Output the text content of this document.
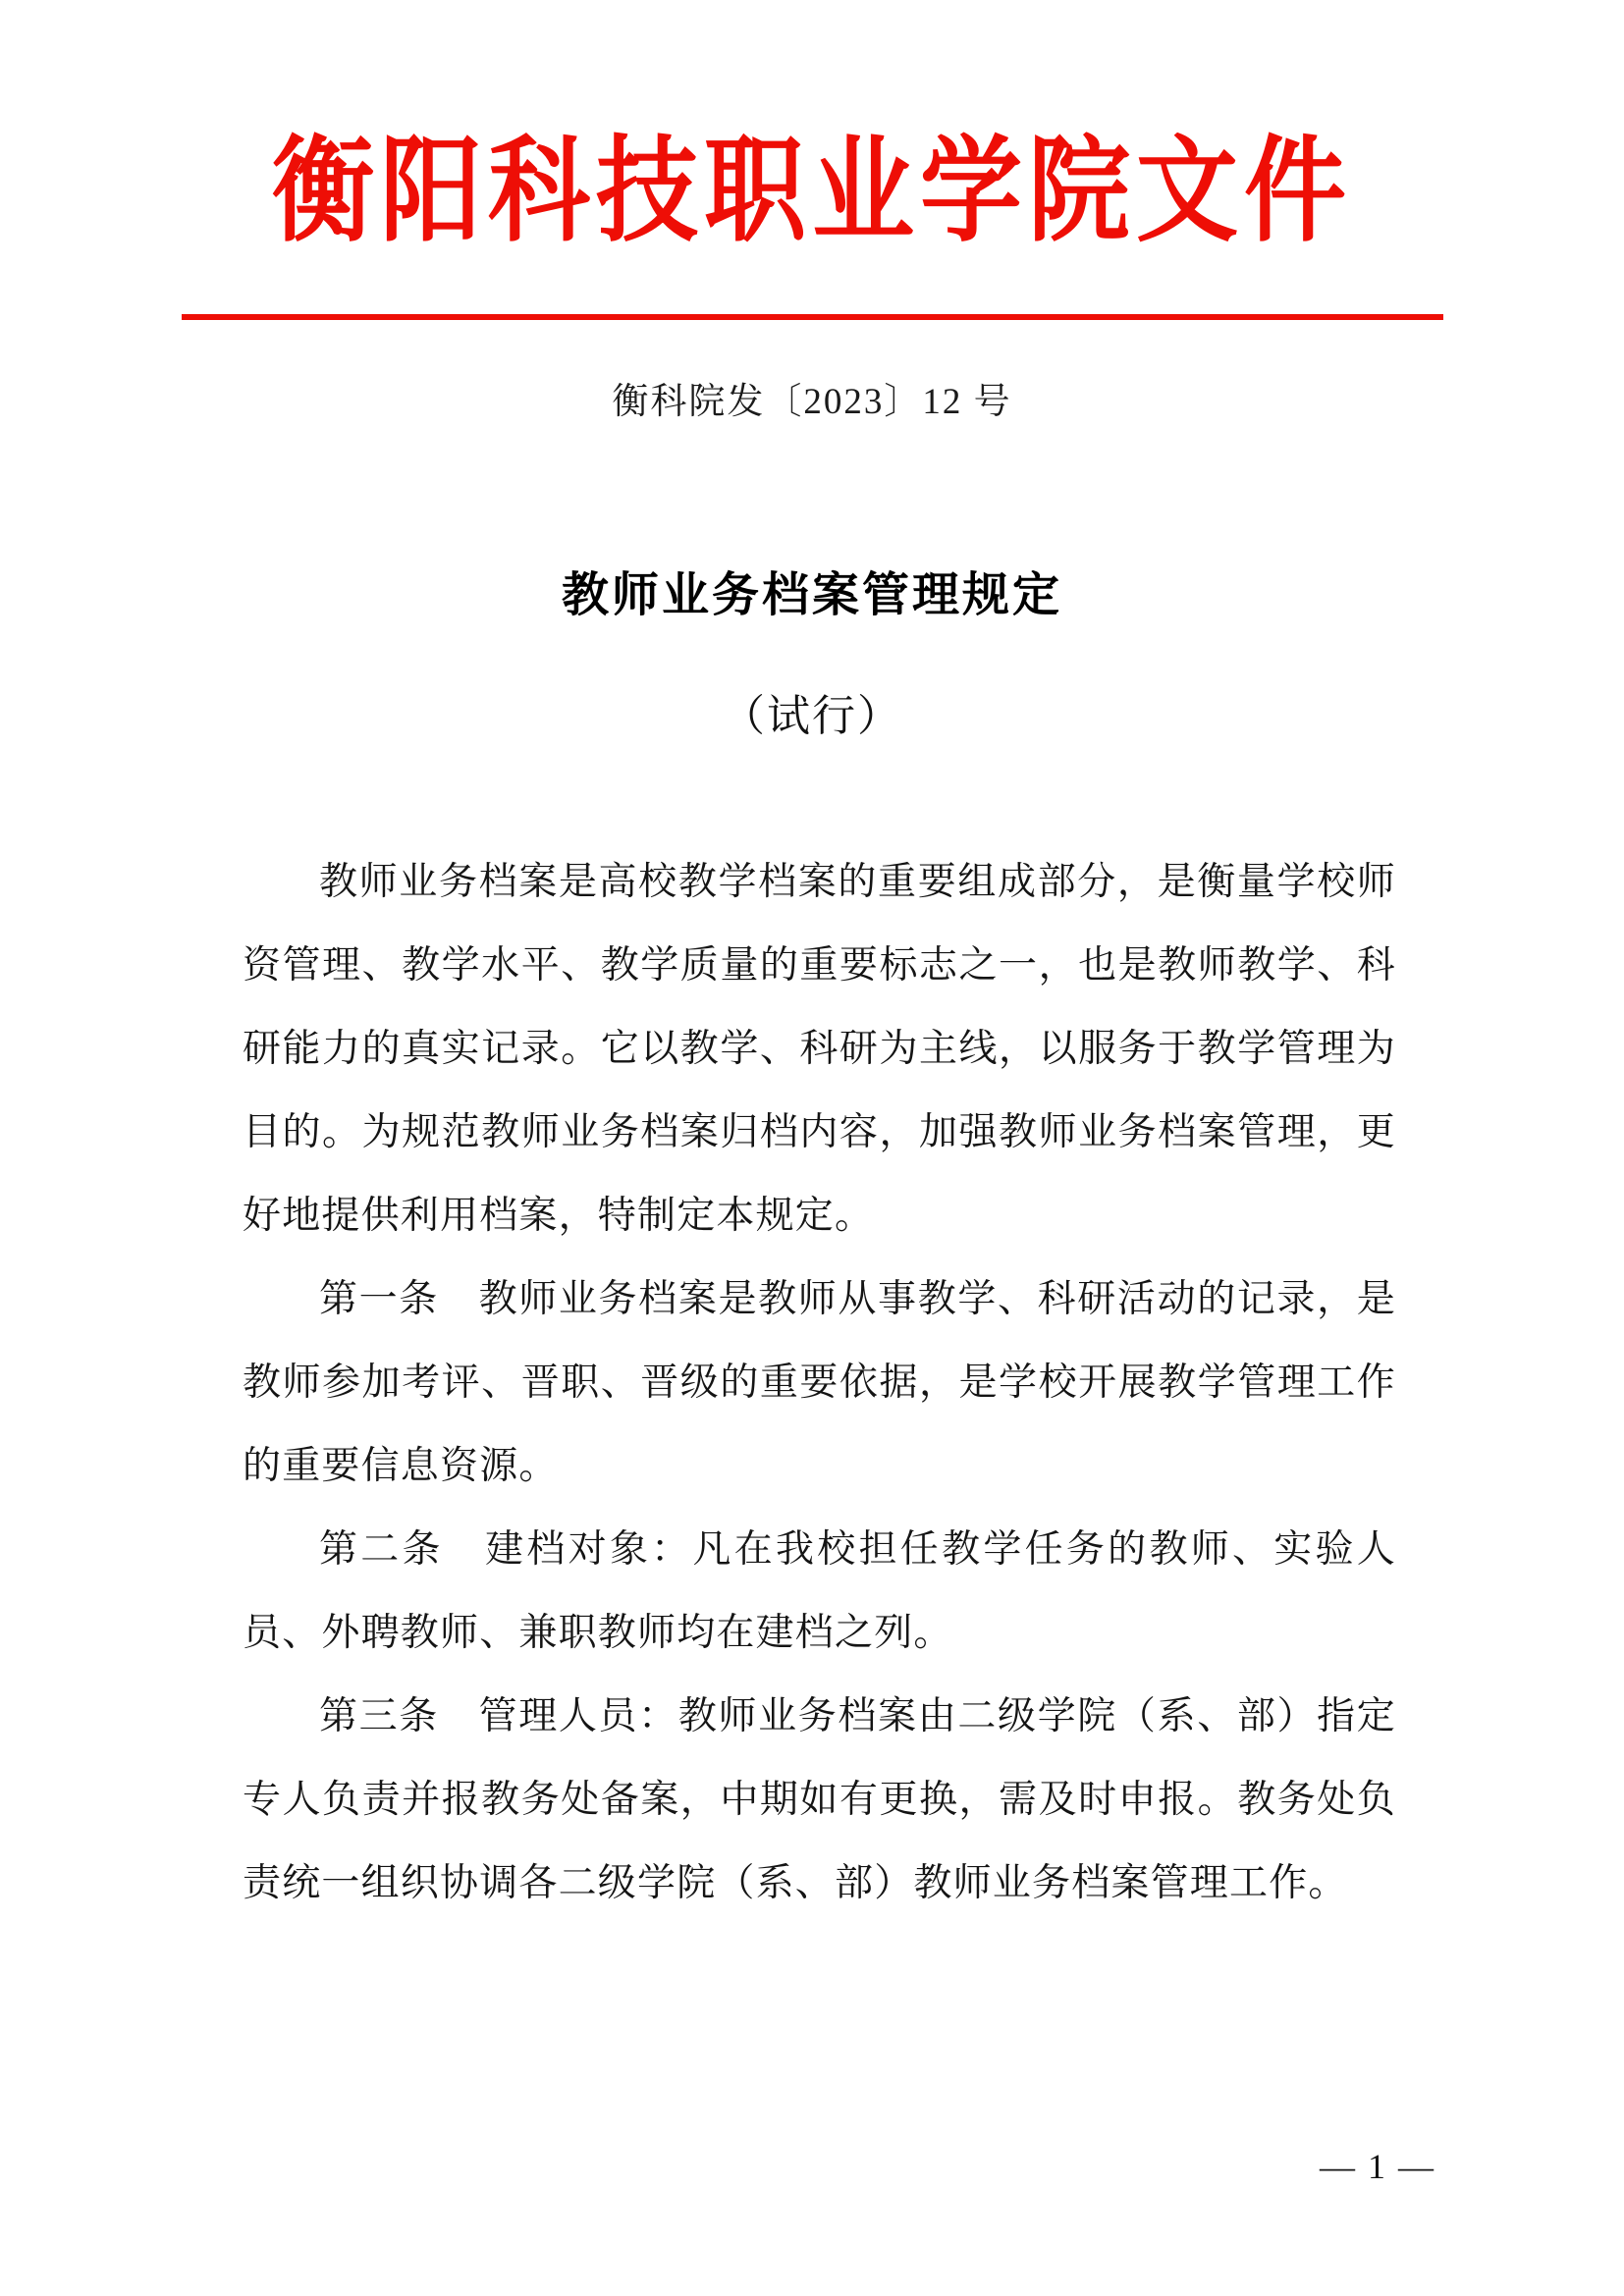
衡阳科技职业学院文件
衡科院发〔2023〕12 号
教师业务档案管理规定
（试行）

教师业务档案是高校教学档案的重要组成部分，是衡量学校师资管理、教学水平、教学质量的重要标志之一，也是教师教学、科研能力的真实记录。它以教学、科研为主线，以服务于教学管理为目的。为规范教师业务档案归档内容，加强教师业务档案管理，更好地提供利用档案，特制定本规定。

第一条　教师业务档案是教师从事教学、科研活动的记录，是教师参加考评、晋职、晋级的重要依据，是学校开展教学管理工作的重要信息资源。

第二条　建档对象：凡在我校担任教学任务的教师、实验人员、外聘教师、兼职教师均在建档之列。

第三条　管理人员：教师业务档案由二级学院（系、部）指定专人负责并报教务处备案，中期如有更换，需及时申报。教务处负责统一组织协调各二级学院（系、部）教师业务档案管理工作。

— 1 —
